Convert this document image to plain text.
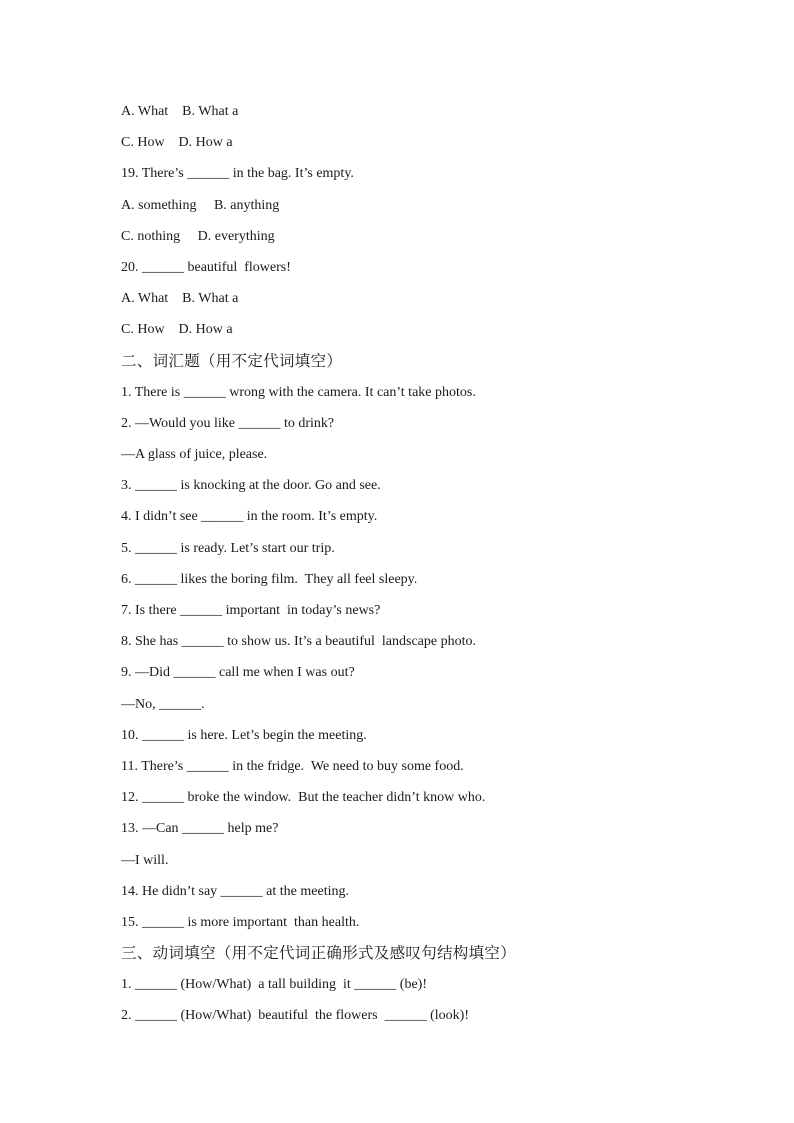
A. What    B. What a
C. How    D. How a
19. There’s ______ in the bag. It’s empty.
A. something     B. anything
C. nothing     D. everything
20. ______ beautiful  flowers!
A. What    B. What a
C. How    D. How a
二、词汇题（用不定代词填空）
1. There is ______ wrong with the camera. It can’t take photos.
2. —Would you like ______ to drink?
—A glass of juice, please.
3. ______ is knocking at the door. Go and see.
4. I didn’t see ______ in the room. It’s empty.
5. ______ is ready. Let’s start our trip.
6. ______ likes the boring film.  They all feel sleepy.
7. Is there ______ important  in today’s news?
8. She has ______ to show us. It’s a beautiful  landscape photo.
9. —Did ______ call me when I was out?
—No, ______.
10. ______ is here. Let’s begin the meeting.
11. There’s ______ in the fridge.  We need to buy some food.
12. ______ broke the window.  But the teacher didn’t know who.
13. —Can ______ help me?
—I will.
14. He didn’t say ______ at the meeting.
15. ______ is more important  than health.
三、动词填空（用不定代词正确形式及感叹句结构填空）
1. ______ (How/What)  a tall building  it ______ (be)!
2. ______ (How/What)  beautiful  the flowers  ______ (look)!
